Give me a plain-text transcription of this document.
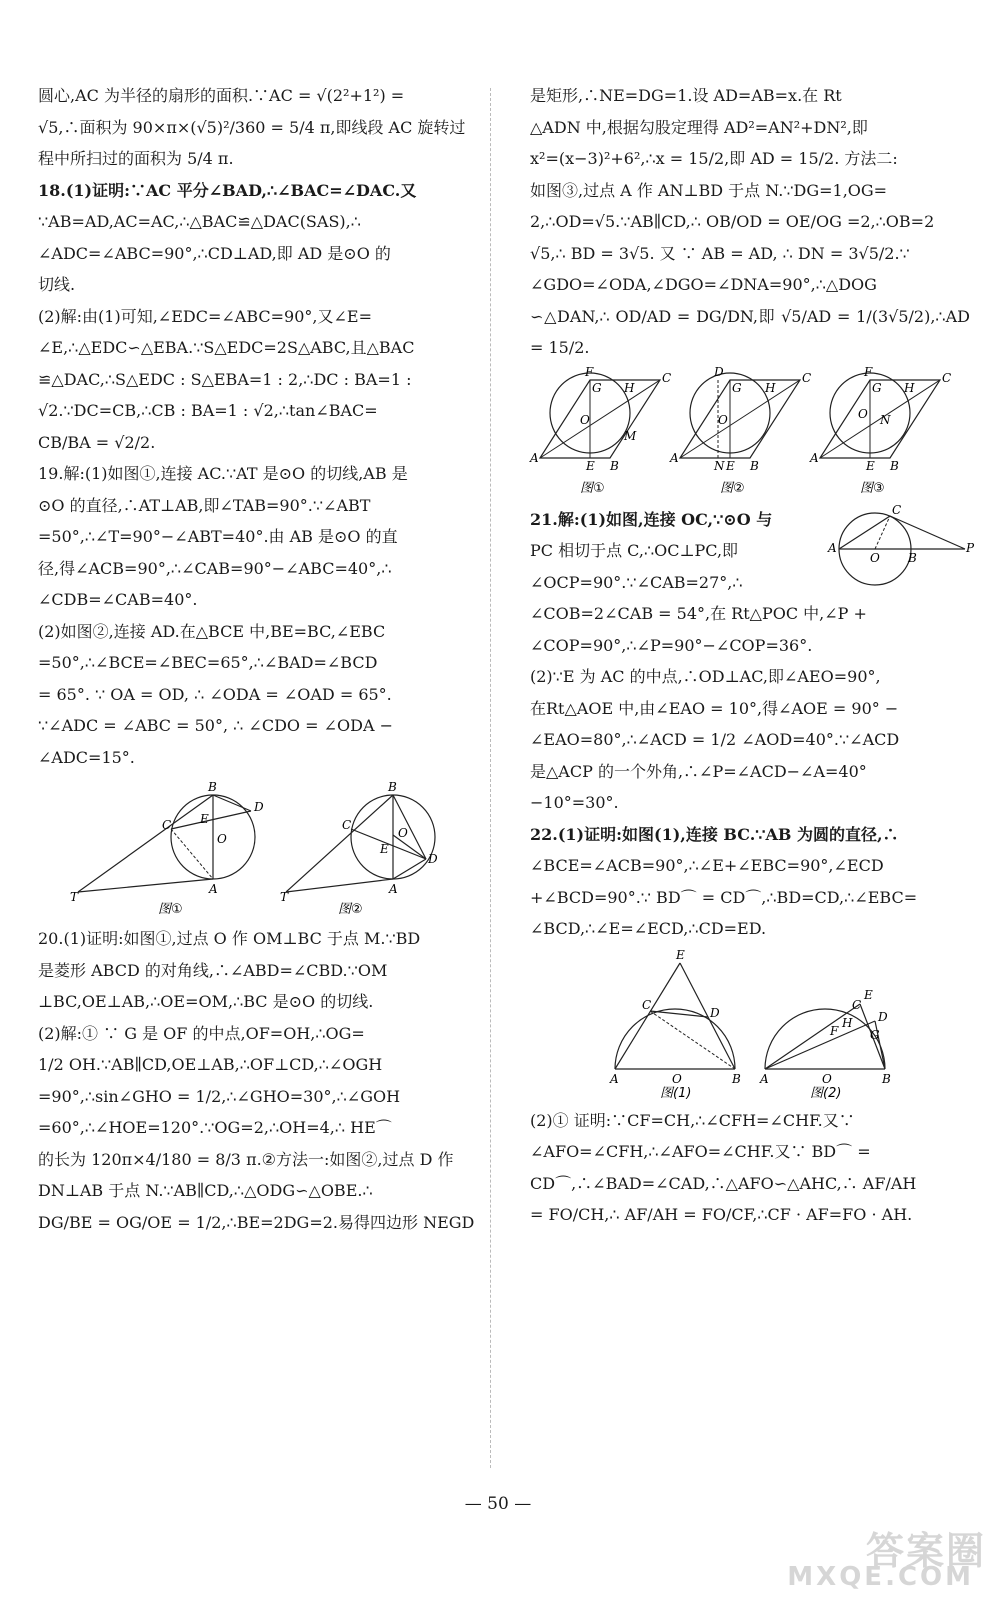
圆心,AC 为半径的扇形的面积.∵AC = √(2²+1²) =

√5,∴面积为 90×π×(√5)²/360 = 5/4 π,即线段 AC 旋转过

程中所扫过的面积为 5/4 π.

18.(1)证明:∵AC 平分∠BAD,∴∠BAC=∠DAC.又

∵AB=AD,AC=AC,∴△BAC≌△DAC(SAS),∴

∠ADC=∠ABC=90°,∴CD⊥AD,即 AD 是⊙O 的

切线.

(2)解:由(1)可知,∠EDC=∠ABC=90°,又∠E=

∠E,∴△EDC∽△EBA.∵S△EDC=2S△ABC,且△BAC

≌△DAC,∴S△EDC : S△EBA=1 : 2,∴DC : BA=1 :

√2.∵DC=CB,∴CB : BA=1 : √2,∴tan∠BAC=

CB/BA = √2/2.

19.解:(1)如图①,连接 AC.∵AT 是⊙O 的切线,AB 是

⊙O 的直径,∴AT⊥AB,即∠TAB=90°.∵∠ABT

=50°,∴∠T=90°−∠ABT=40°.由 AB 是⊙O 的直

径,得∠ACB=90°,∴∠CAB=90°−∠ABC=40°,∴

∠CDB=∠CAB=40°.

(2)如图②,连接 AD.在△BCE 中,BE=BC,∠EBC

=50°,∴∠BCE=∠BEC=65°,∴∠BAD=∠BCD

= 65°. ∵ OA = OD, ∴ ∠ODA = ∠OAD = 65°.

∵∠ADC = ∠ABC = 50°, ∴ ∠CDO = ∠ODA −

∠ADC=15°.

B
D
C E
O
A
T
B
C
O
E
D
A
T
图①	图②

20.(1)证明:如图①,过点 O 作 OM⊥BC 于点 M.∵BD

是菱形 ABCD 的对角线,∴∠ABD=∠CBD.∵OM

⊥BC,OE⊥AB,∴OE=OM,∴BC 是⊙O 的切线.

(2)解:① ∵ G 是 OF 的中点,OF=OH,∴OG=

1/2 OH.∵AB∥CD,OE⊥AB,∴OF⊥CD,∴∠OGH

=90°,∴sin∠GHO = 1/2,∴∠GHO=30°,∴∠GOH

=60°,∴∠HOE=120°.∵OG=2,∴OH=4,∴ HE⌒

的长为 120π×4/180 = 8/3 π.②方法一:如图②,过点 D 作

DN⊥AB 于点 N.∵AB∥CD,∴△ODG∽△OBE.∴

DG/BE = OG/OE = 1/2,∴BE=2DG=2.易得四边形 NEGD

是矩形,∴NE=DG=1.设 AD=AB=x.在 Rt

△ADN 中,根据勾股定理得 AD²=AN²+DN²,即

x²=(x−3)²+6²,∴x = 15/2,即 AD = 15/2. 方法二:

如图③,过点 A 作 AN⊥BD 于点 N.∵DG=1,OG=

2,∴OD=√5.∵AB∥CD,∴ OB/OD = OE/OG =2,∴OB=2

√5,∴ BD = 3√5. 又 ∵ AB = AD, ∴ DN = 3√5/2.∵

∠GDO=∠ODA,∠DGO=∠DNA=90°,∴△DOG

∽△DAN,∴ OD/AD = DG/DN,即 √5/AD = 1/(3√5/2),∴AD = 15/2.

F
G H
C
O
M
A
E B
D
G H
C
O
A
N E B
F
G H
C
O N
A
E B
图①	图②	图③
C
A
O B
P

21.解:(1)如图,连接 OC,∵⊙O 与

PC 相切于点 C,∴OC⊥PC,即

∠OCP=90°.∵∠CAB=27°,∴

∠COB=2∠CAB = 54°,在 Rt△POC 中,∠P +

∠COP=90°,∴∠P=90°−∠COP=36°.

(2)∵E 为 AC 的中点,∴OD⊥AC,即∠AEO=90°,

在Rt△AOE 中,由∠EAO = 10°,得∠AOE = 90° −

∠EAO=80°,∴∠ACD = 1/2 ∠AOD=40°.∵∠ACD

是△ACP 的一个外角,∴∠P=∠ACD−∠A=40°

−10°=30°.

22.(1)证明:如图(1),连接 BC.∵AB 为圆的直径,∴

∠BCE=∠ACB=90°,∴∠E+∠EBC=90°,∠ECD

+∠BCD=90°.∵ BD⌒ = CD⌒,∴BD=CD,∴∠EBC=

∠BCD,∴∠E=∠ECD,∴CD=ED.

E
C
D
A	O	B
E
C
H D
F	G
A	O	B
图(1)	图(2)

(2)① 证明:∵CF=CH,∴∠CFH=∠CHF.又∵

∠AFO=∠CFH,∴∠AFO=∠CHF.又∵ BD⌒ =

CD⌒,∴∠BAD=∠CAD,∴△AFO∽△AHC,∴ AF/AH

= FO/CH,∴ AF/AH = FO/CF,∴CF · AF=FO · AH.

— 50 —
答案圈
MXQE.COM
